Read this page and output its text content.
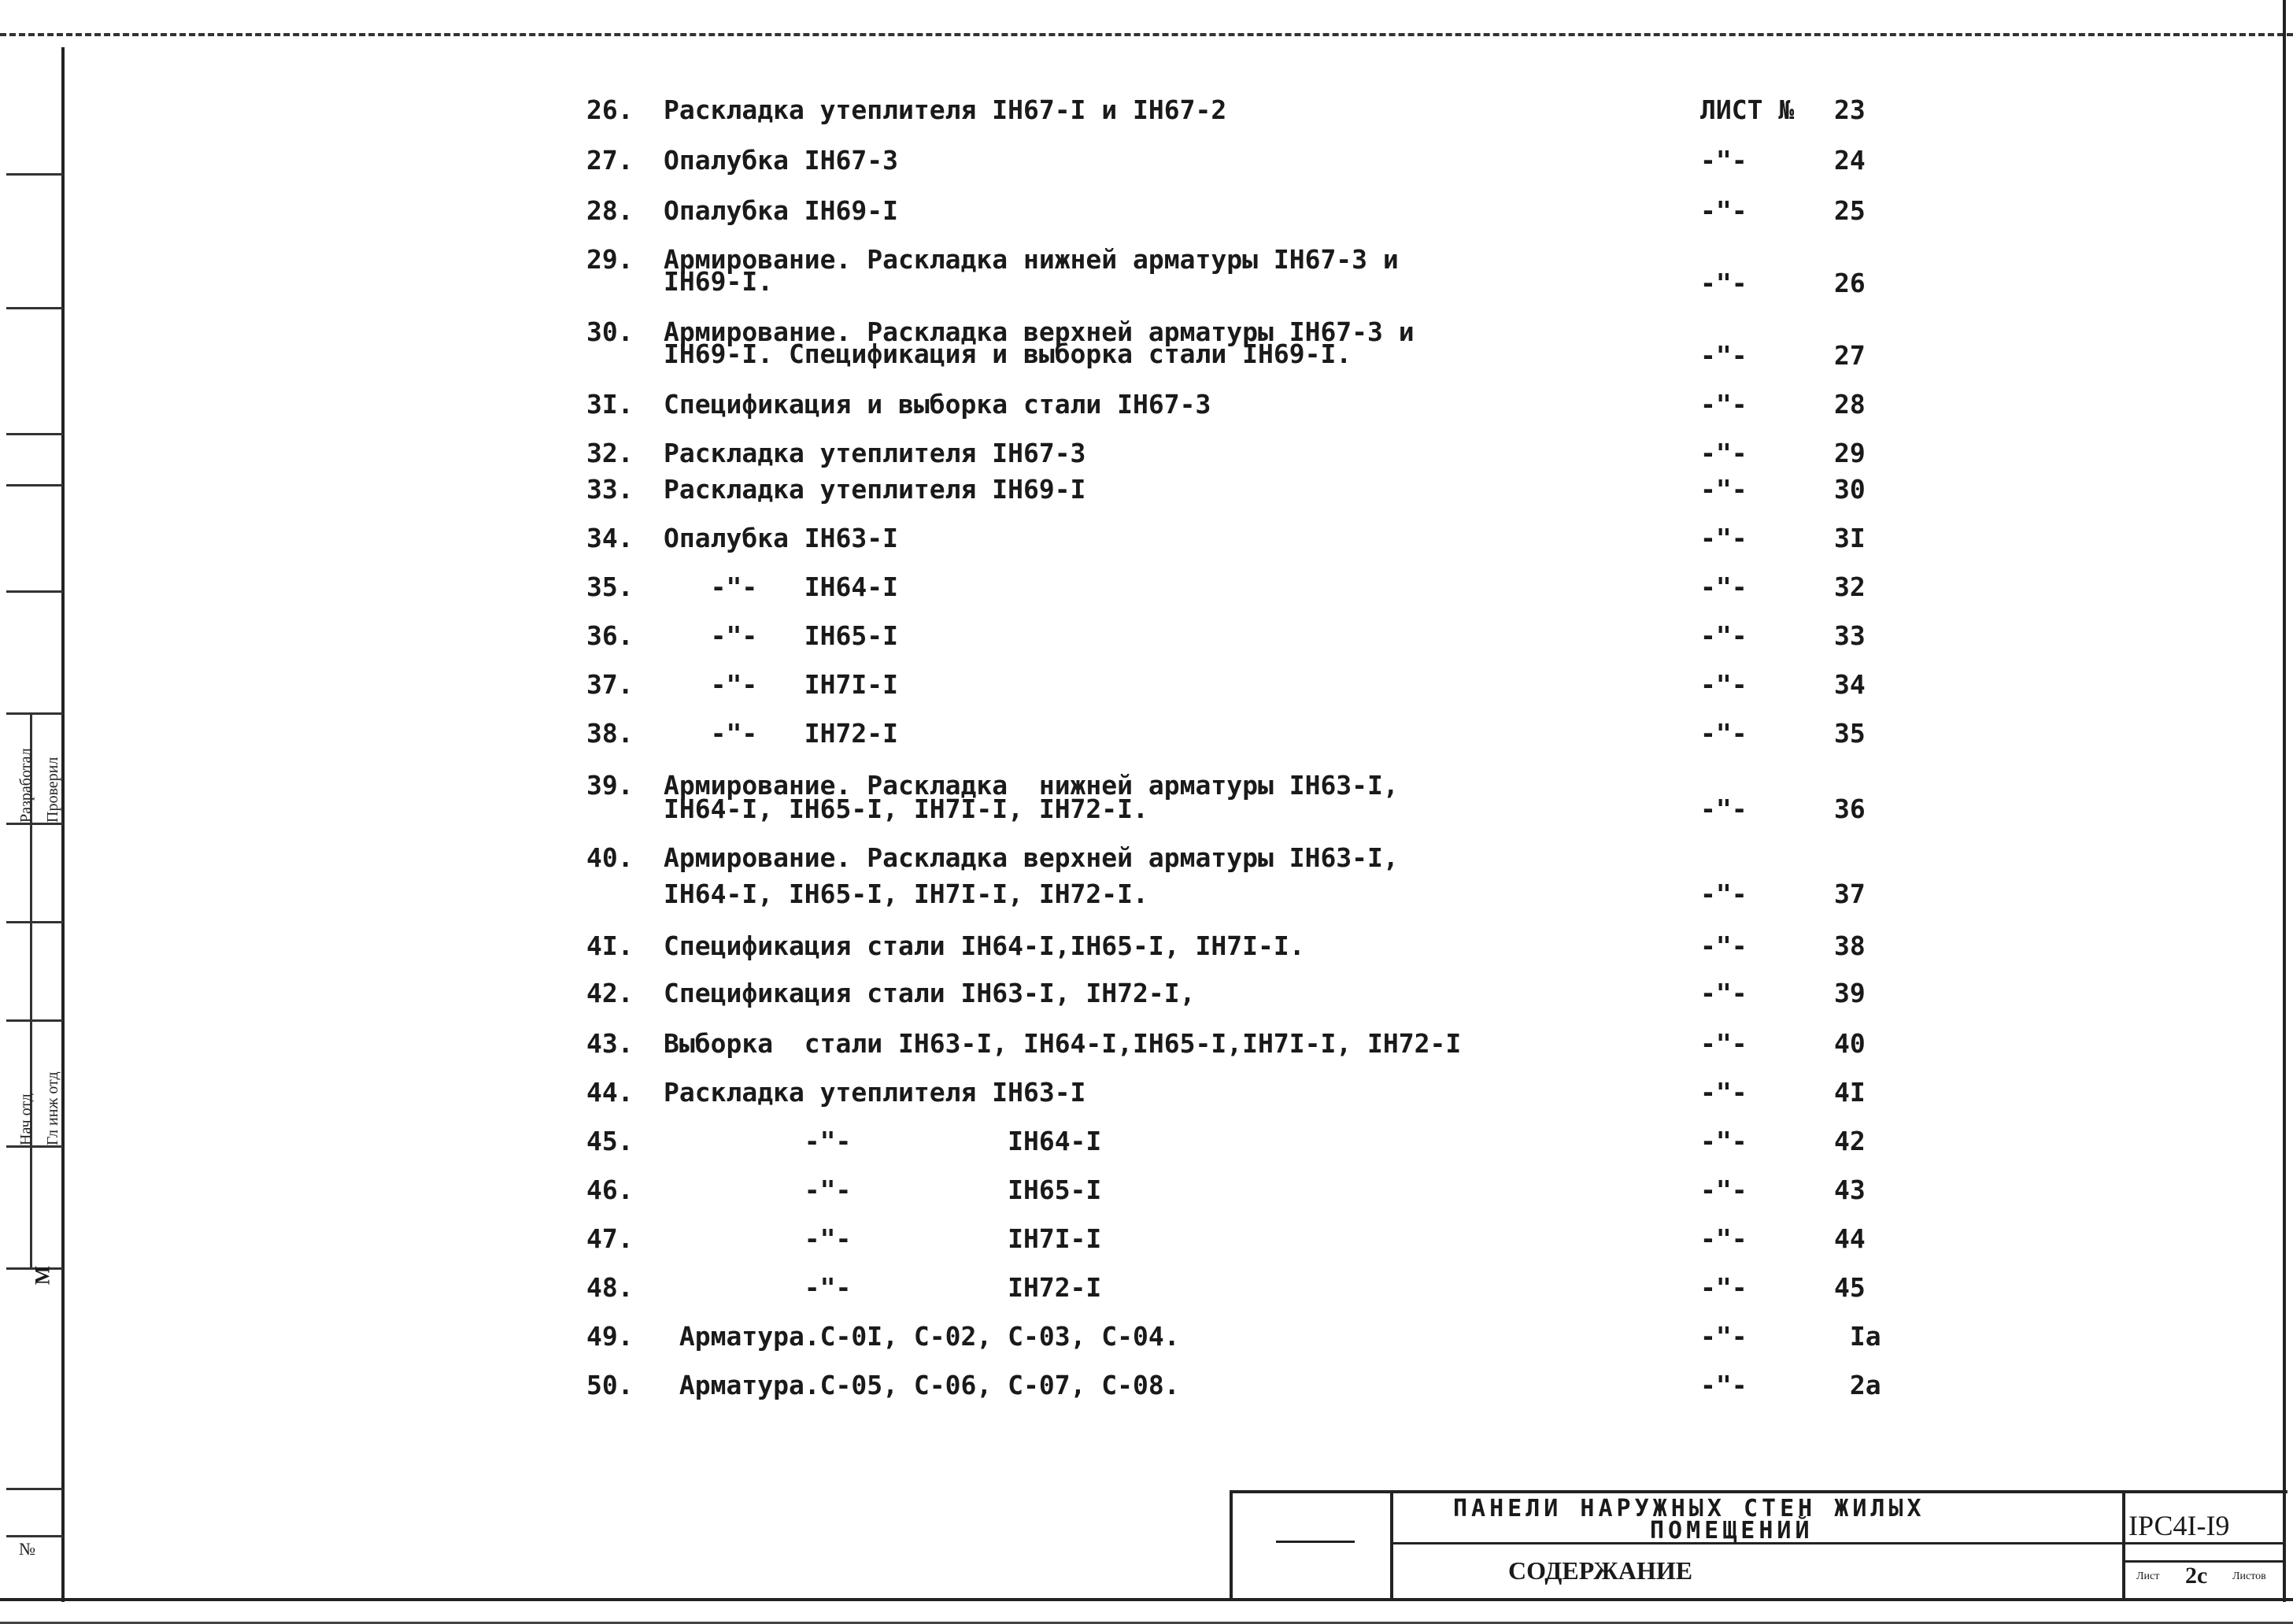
Разработал Проверил
Нач отд Гл инж отд
М
№
26. Раскладка утеплителя IH67-I и IH67-2	ЛИСТ № 23
27. Опалубка IH67-3	-"-	24
28. Опалубка IH69-I	-"-	25
29. Армирование. Раскладка нижней арматуры IH67-3 и
IH69-I.	-"-	26
30. Армирование. Раскладка верхней арматуры IH67-3 и
IH69-I. Спецификация и выборка стали IH69-I.	-"-	27
3I. Спецификация и выборка стали IH67-3	-"-	28
32. Раскладка утеплителя IH67-3	-"-	29
33. Раскладка утеплителя IH69-I	-"-	30
34. Опалубка IH63-I	-"-	3I
35. -"-   IH64-I	-"-	32
36. -"-   IH65-I	-"-	33
37. -"-   IH7I-I	-"-	34
38. -"-   IH72-I	-"-	35
39. Армирование. Раскладка  нижней арматуры IH63-I,
IH64-I, IH65-I, IH7I-I, IH72-I.	-"-	36
40. Армирование. Раскладка верхней арматуры IH63-I,
IH64-I, IH65-I, IH7I-I, IH72-I.	-"-	37
4I. Спецификация стали IH64-I,IH65-I, IH7I-I.	-"-	38
42. Спецификация стали IH63-I, IH72-I,	-"-	39
43. Выборка  стали IH63-I, IH64-I,IH65-I,IH7I-I, IH72-I	-"-	40
44. Раскладка утеплителя IH63-I	-"-	4I
45. -"-          IH64-I	-"-	42
46. -"-          IH65-I	-"-	43
47. -"-          IH7I-I	-"-	44
48. -"-          IH72-I	-"-	45
49. Арматура.С-0I, С-02, С-03, С-04.	-"-	Iа
50. Арматура.С-05, С-06, С-07, С-08.	-"-	2а
ПАНЕЛИ НАРУЖНЫХ СТЕН ЖИЛЫХ
ПОМЕЩЕНИЙ
СОДЕРЖАНИЕ
IРС4I-I9
Лист 2с Листов
